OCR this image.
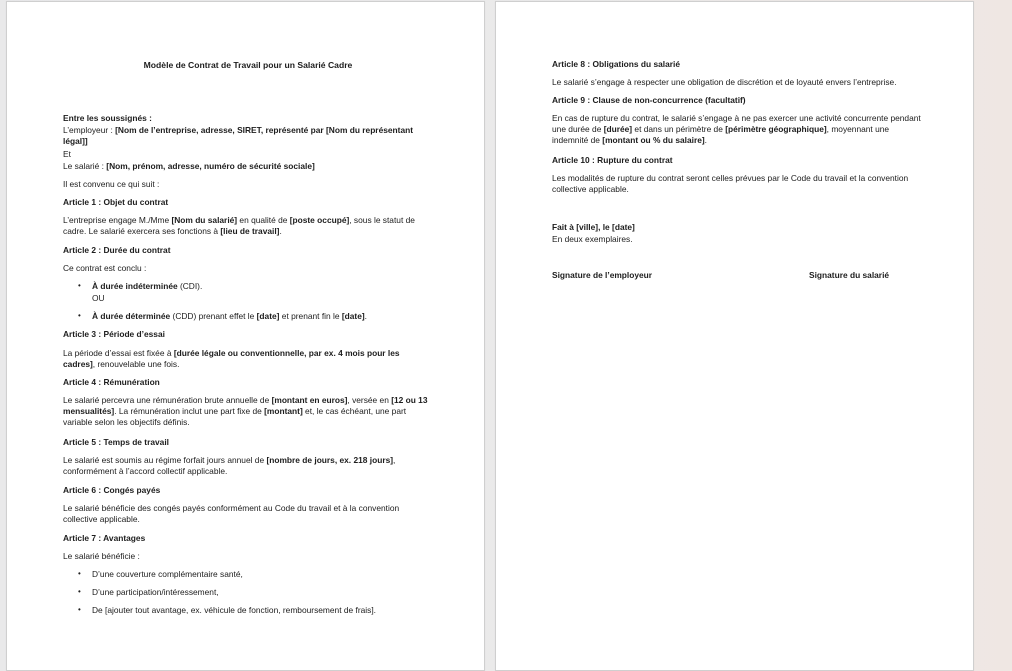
Modèle de Contrat de Travail pour un Salarié Cadre
Entre les soussignés :
L’employeur : [Nom de l’entreprise, adresse, SIRET, représenté par [Nom du représentant légal]]
Et
Le salarié : [Nom, prénom, adresse, numéro de sécurité sociale]
Il est convenu ce qui suit :
Article 1 : Objet du contrat
L’entreprise engage M./Mme [Nom du salarié] en qualité de [poste occupé], sous le statut de cadre. Le salarié exercera ses fonctions à [lieu de travail].
Article 2 : Durée du contrat
Ce contrat est conclu :
• À durée indéterminée (CDI).
OU
• À durée déterminée (CDD) prenant effet le [date] et prenant fin le [date].
Article 3 : Période d’essai
La période d’essai est fixée à [durée légale ou conventionnelle, par ex. 4 mois pour les cadres], renouvelable une fois.
Article 4 : Rémunération
Le salarié percevra une rémunération brute annuelle de [montant en euros], versée en [12 ou 13 mensualités]. La rémunération inclut une part fixe de [montant] et, le cas échéant, une part variable selon les objectifs définis.
Article 5 : Temps de travail
Le salarié est soumis au régime forfait jours annuel de [nombre de jours, ex. 218 jours], conformément à l’accord collectif applicable.
Article 6 : Congés payés
Le salarié bénéficie des congés payés conformément au Code du travail et à la convention collective applicable.
Article 7 : Avantages
Le salarié bénéficie :
• D’une couverture complémentaire santé,
• D’une participation/intéressement,
• De [ajouter tout avantage, ex. véhicule de fonction, remboursement de frais].
Article 8 : Obligations du salarié
Le salarié s’engage à respecter une obligation de discrétion et de loyauté envers l’entreprise.
Article 9 : Clause de non-concurrence (facultatif)
En cas de rupture du contrat, le salarié s’engage à ne pas exercer une activité concurrente pendant une durée de [durée] et dans un périmètre de [périmètre géographique], moyennant une indemnité de [montant ou % du salaire].
Article 10 : Rupture du contrat
Les modalités de rupture du contrat seront celles prévues par le Code du travail et la convention collective applicable.
Fait à [ville], le [date]
En deux exemplaires.
Signature de l’employeur	Signature du salarié
